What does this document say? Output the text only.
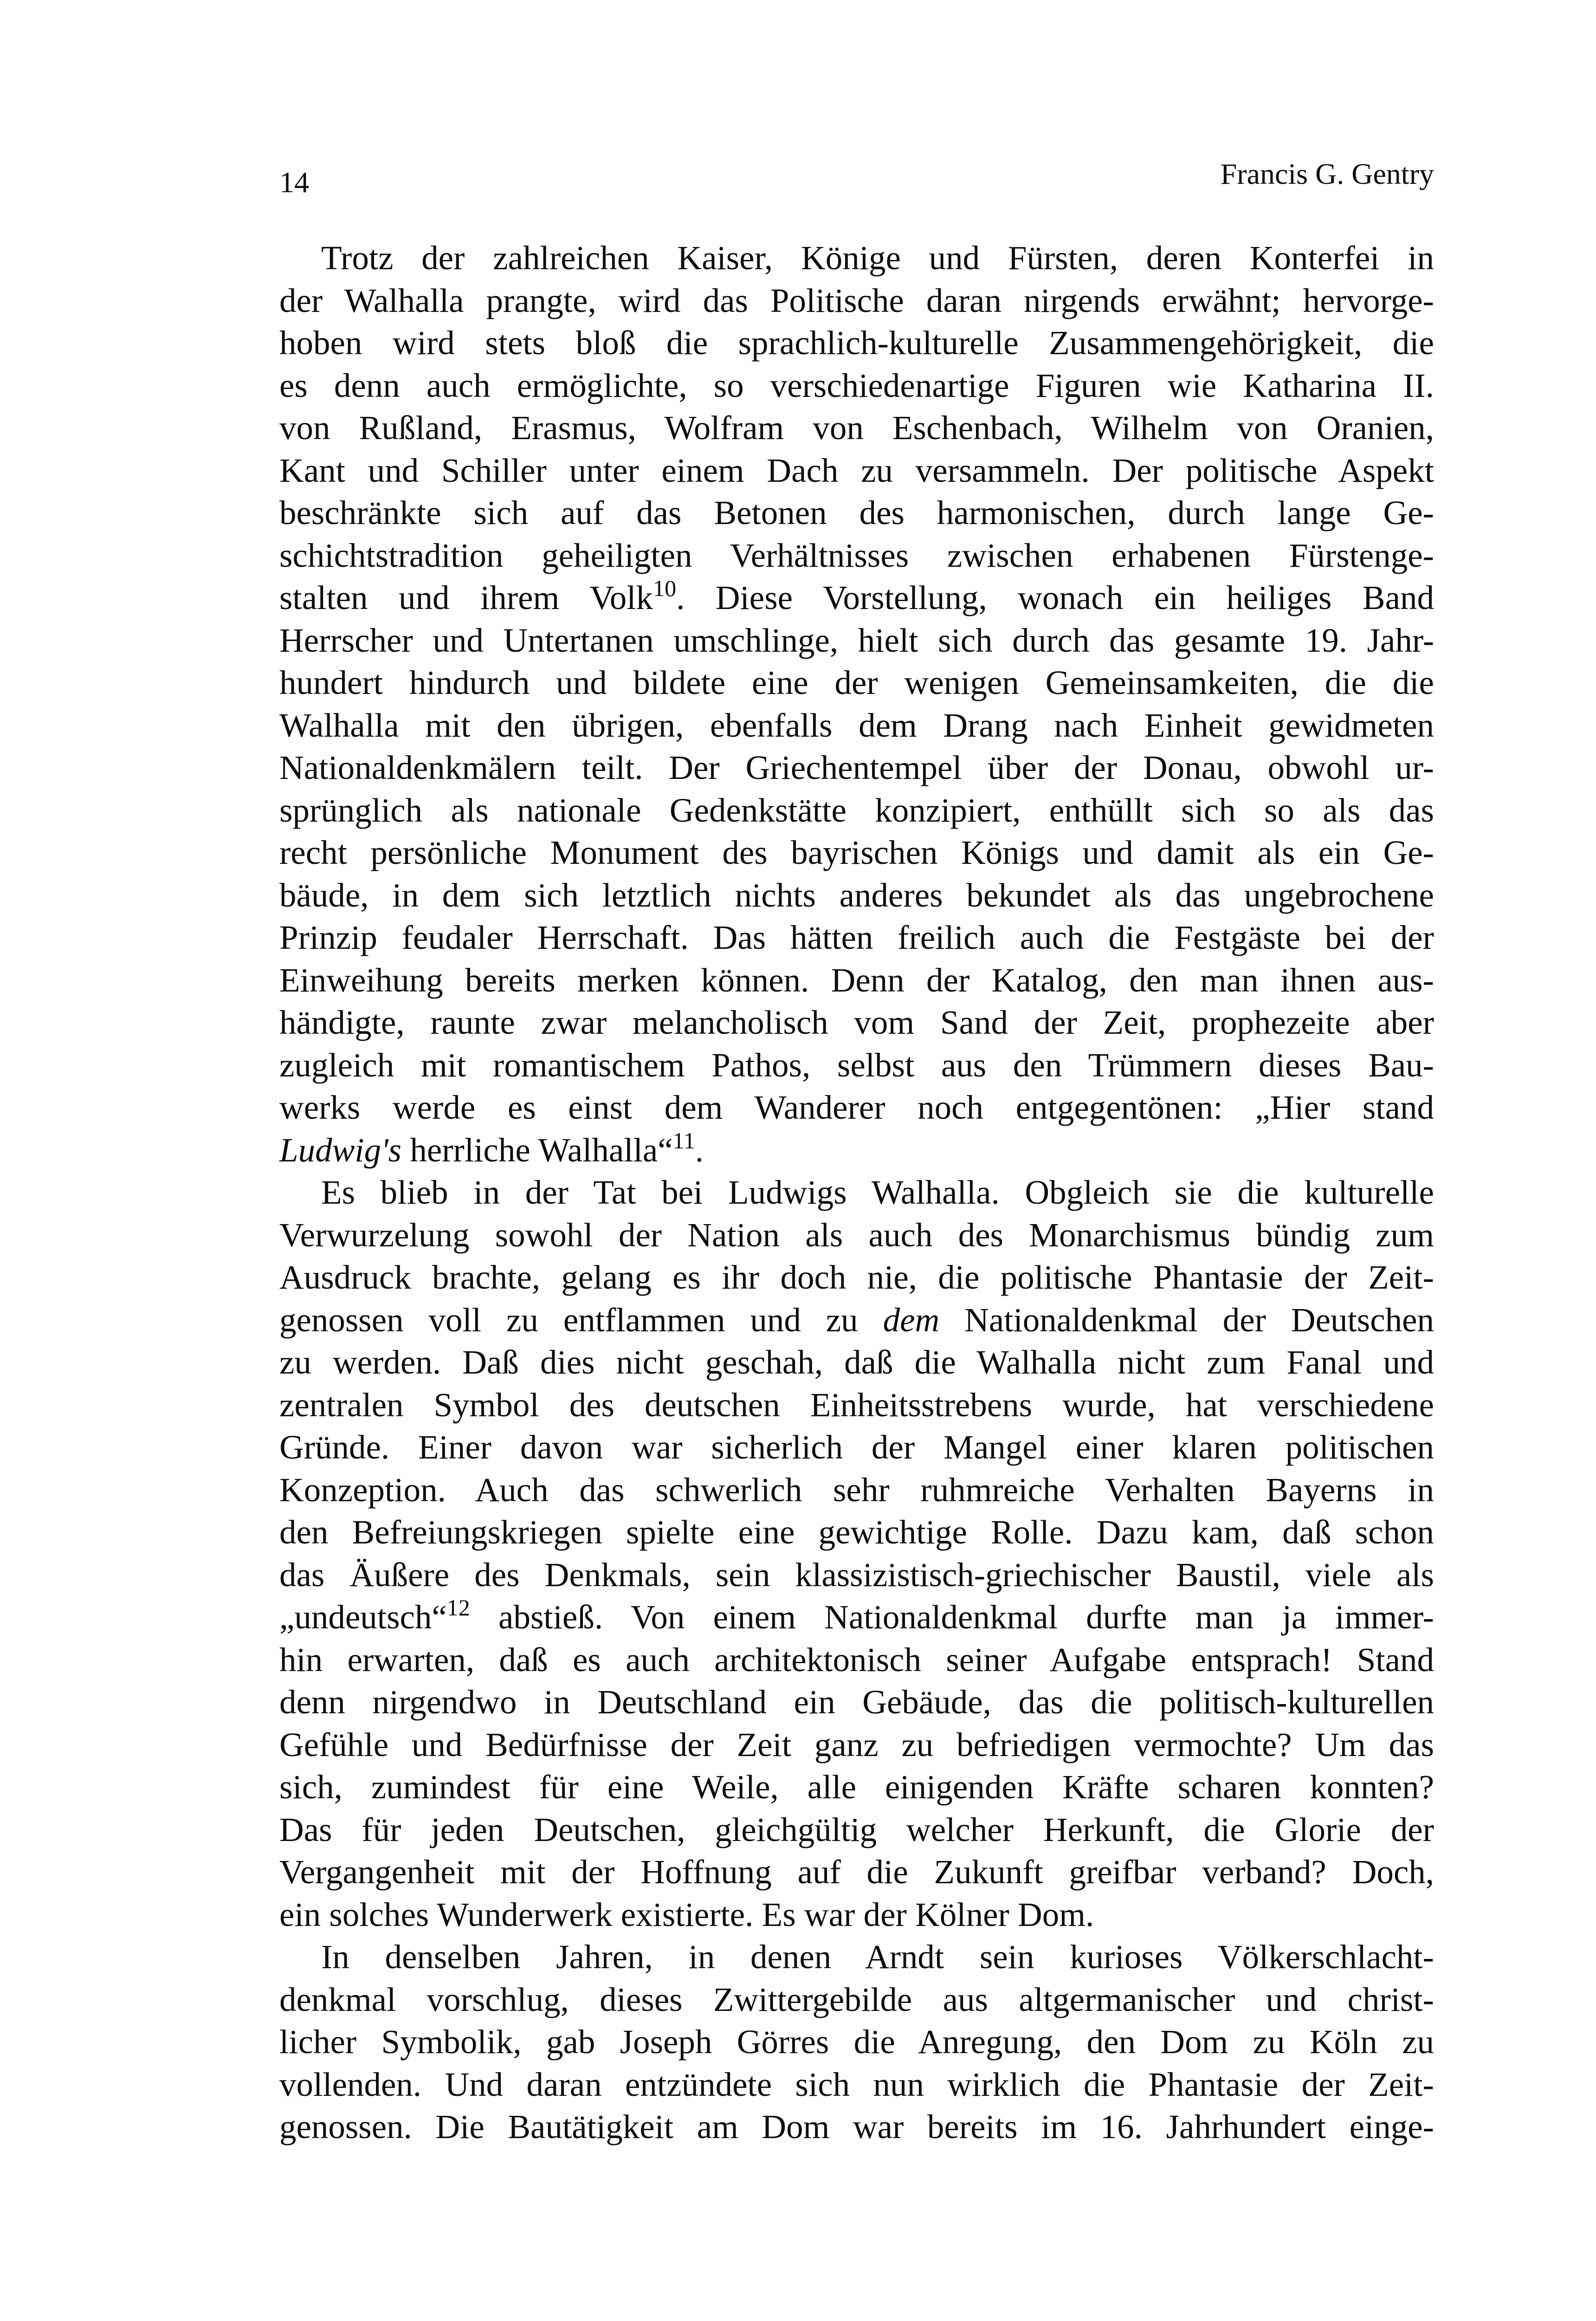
14	Francis G. Gentry
Trotz der zahlreichen Kaiser, Könige und Fürsten, deren Konterfei in
der Walhalla prangte, wird das Politische daran nirgends erwähnt; hervorge-
hoben wird stets bloß die sprachlich-kulturelle Zusammengehörigkeit, die
es denn auch ermöglichte, so verschiedenartige Figuren wie Katharina II.
von Rußland, Erasmus, Wolfram von Eschenbach, Wilhelm von Oranien,
Kant und Schiller unter einem Dach zu versammeln. Der politische Aspekt
beschränkte sich auf das Betonen des harmonischen, durch lange Ge-
schichtstradition geheiligten Verhältnisses zwischen erhabenen Fürstenge-
stalten und ihrem Volk$^{10}$. Diese Vorstellung, wonach ein heiliges Band
Herrscher und Untertanen umschlinge, hielt sich durch das gesamte 19. Jahr-
hundert hindurch und bildete eine der wenigen Gemeinsamkeiten, die die
Walhalla mit den übrigen, ebenfalls dem Drang nach Einheit gewidmeten
Nationaldenkmälern teilt. Der Griechentempel über der Donau, obwohl ur-
sprünglich als nationale Gedenkstätte konzipiert, enthüllt sich so als das
recht persönliche Monument des bayrischen Königs und damit als ein Ge-
bäude, in dem sich letztlich nichts anderes bekundet als das ungebrochene
Prinzip feudaler Herrschaft. Das hätten freilich auch die Festgäste bei der
Einweihung bereits merken können. Denn der Katalog, den man ihnen aus-
händigte, raunte zwar melancholisch vom Sand der Zeit, prophezeite aber
zugleich mit romantischem Pathos, selbst aus den Trümmern dieses Bau-
werks werde es einst dem Wanderer noch entgegentönen: „Hier stand
Ludwig's herrliche Walhalla“$^{11}$.
Es blieb in der Tat bei Ludwigs Walhalla. Obgleich sie die kulturelle
Verwurzelung sowohl der Nation als auch des Monarchismus bündig zum
Ausdruck brachte, gelang es ihr doch nie, die politische Phantasie der Zeit-
genossen voll zu entflammen und zu dem Nationaldenkmal der Deutschen
zu werden. Daß dies nicht geschah, daß die Walhalla nicht zum Fanal und
zentralen Symbol des deutschen Einheitsstrebens wurde, hat verschiedene
Gründe. Einer davon war sicherlich der Mangel einer klaren politischen
Konzeption. Auch das schwerlich sehr ruhmreiche Verhalten Bayerns in
den Befreiungskriegen spielte eine gewichtige Rolle. Dazu kam, daß schon
das Äußere des Denkmals, sein klassizistisch-griechischer Baustil, viele als
„undeutsch“$^{12}$ abstieß. Von einem Nationaldenkmal durfte man ja immer-
hin erwarten, daß es auch architektonisch seiner Aufgabe entsprach! Stand
denn nirgendwo in Deutschland ein Gebäude, das die politisch-kulturellen
Gefühle und Bedürfnisse der Zeit ganz zu befriedigen vermochte? Um das
sich, zumindest für eine Weile, alle einigenden Kräfte scharen konnten?
Das für jeden Deutschen, gleichgültig welcher Herkunft, die Glorie der
Vergangenheit mit der Hoffnung auf die Zukunft greifbar verband? Doch,
ein solches Wunderwerk existierte. Es war der Kölner Dom.
In denselben Jahren, in denen Arndt sein kurioses Völkerschlacht-
denkmal vorschlug, dieses Zwittergebilde aus altgermanischer und christ-
licher Symbolik, gab Joseph Görres die Anregung, den Dom zu Köln zu
vollenden. Und daran entzündete sich nun wirklich die Phantasie der Zeit-
genossen. Die Bautätigkeit am Dom war bereits im 16. Jahrhundert einge-
